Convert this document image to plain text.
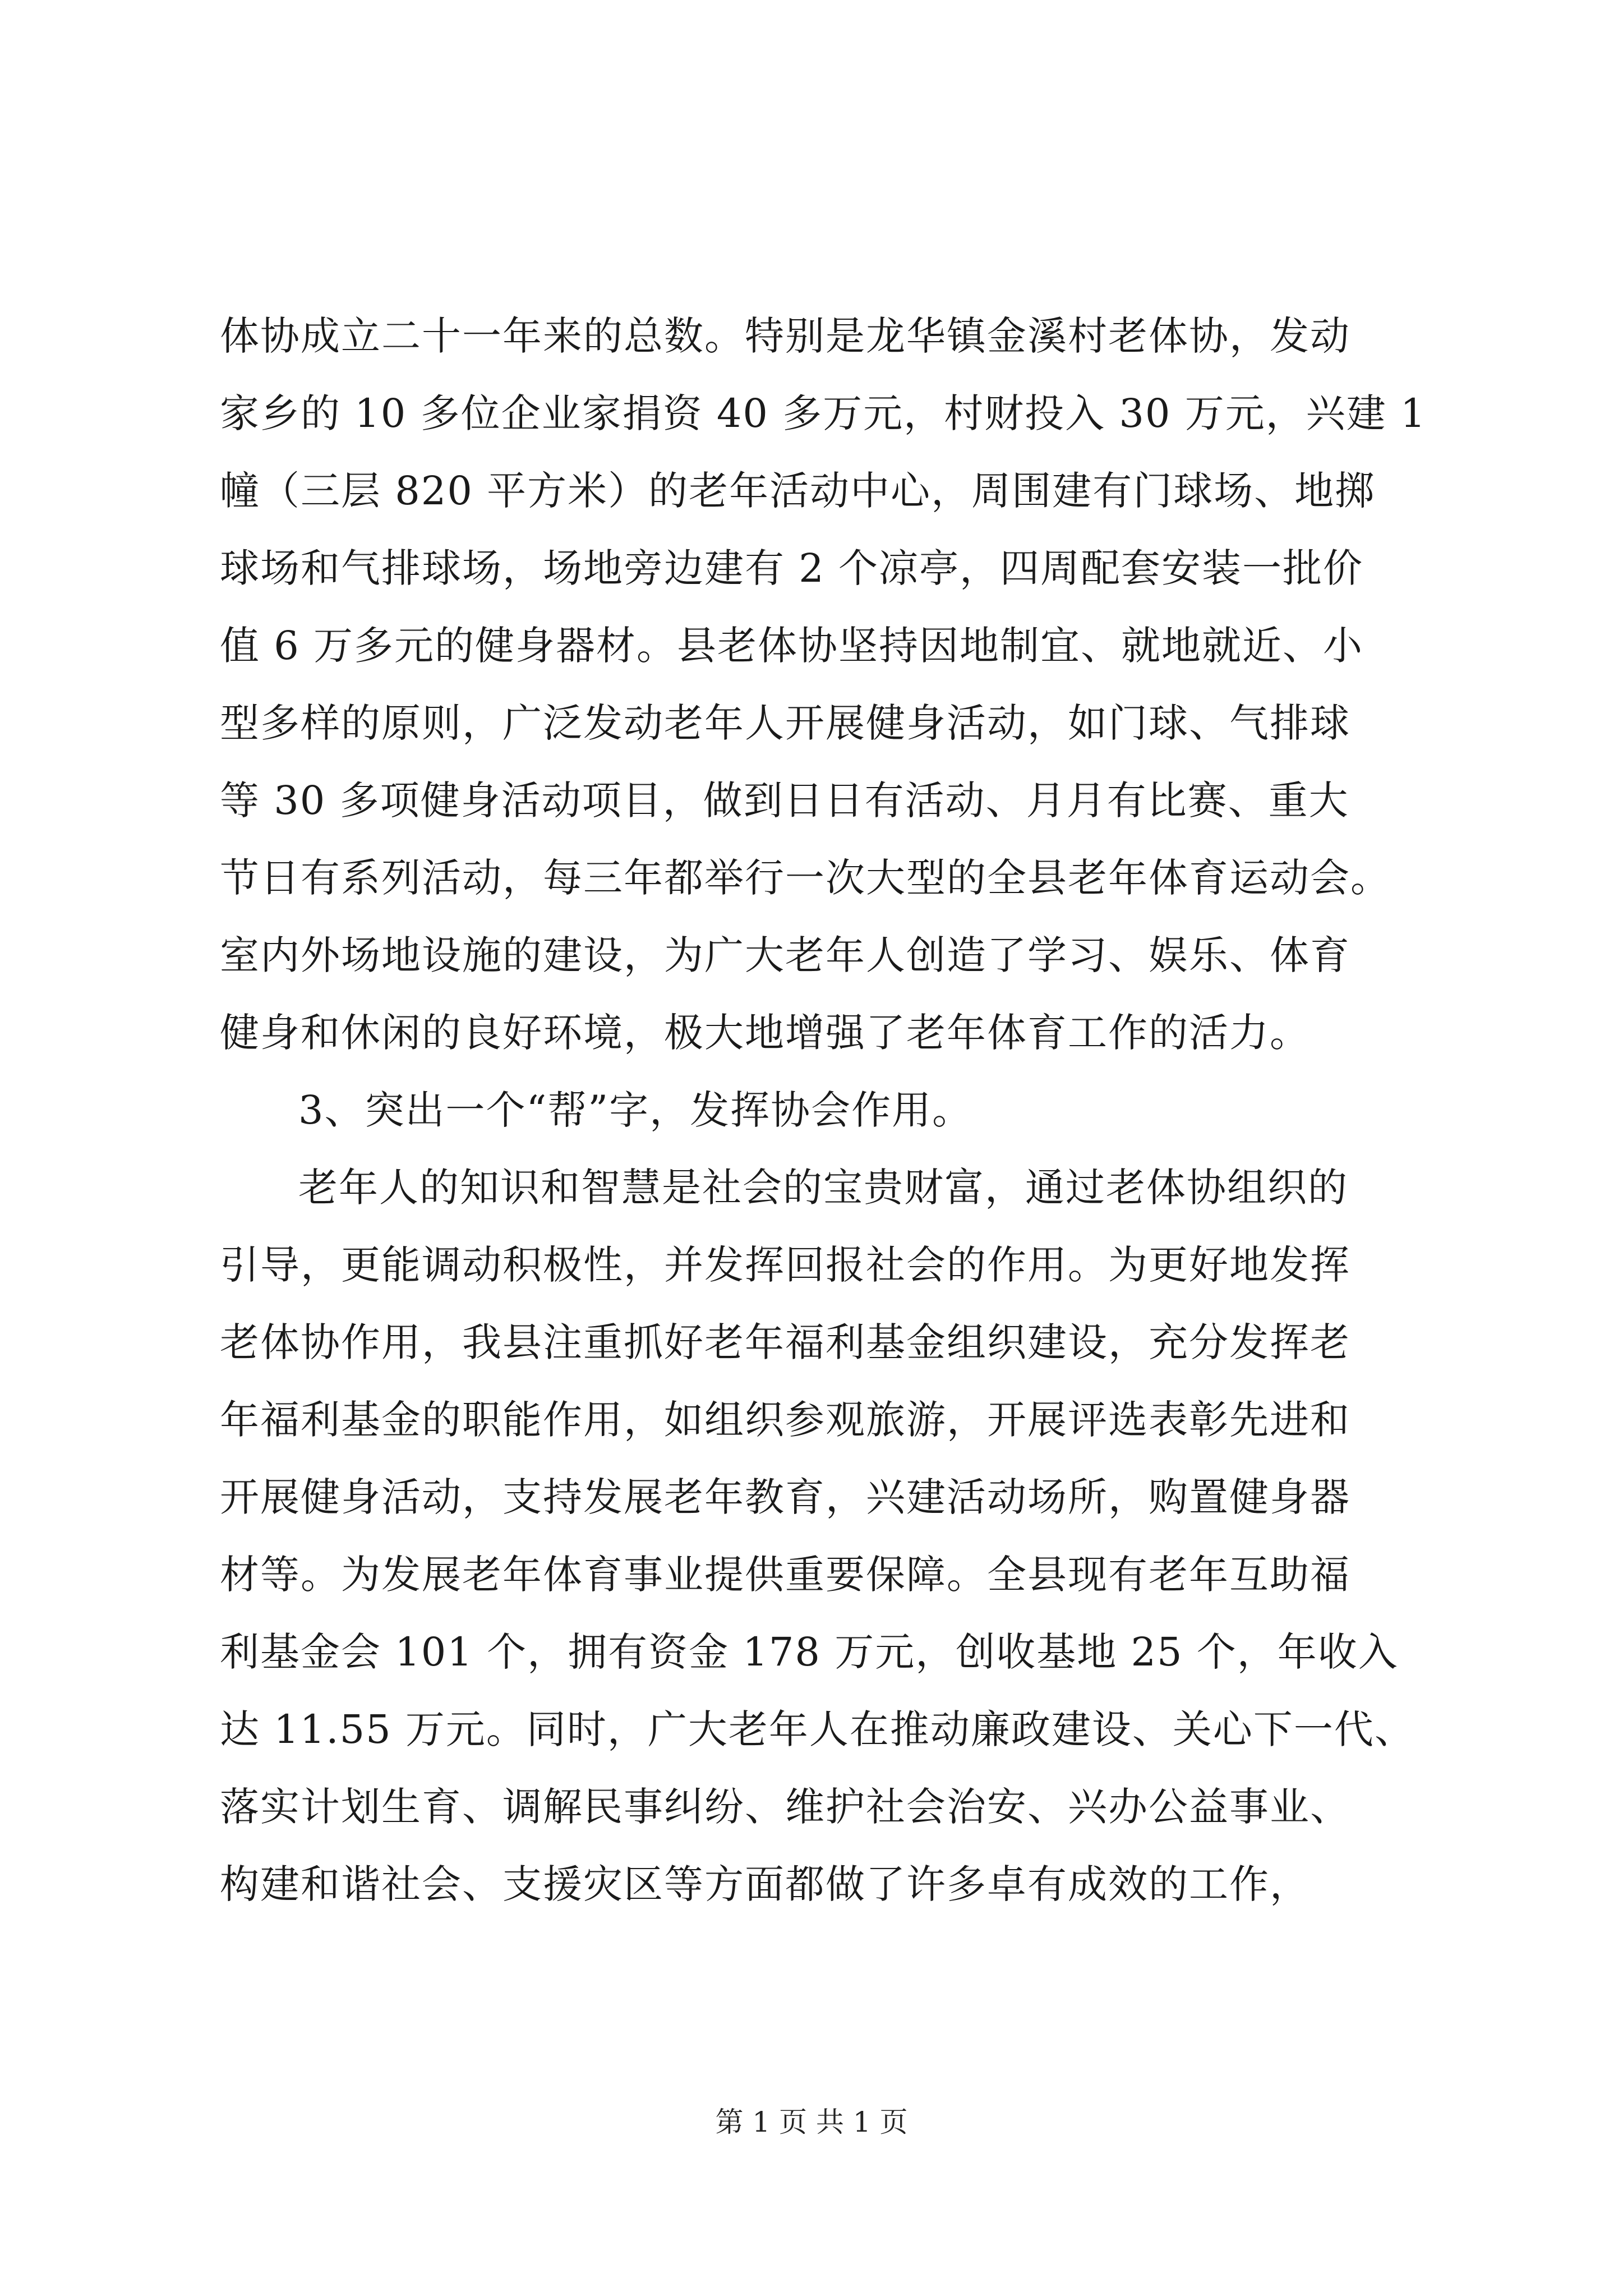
体协成立二十一年来的总数。特别是龙华镇金溪村老体协，发动
家乡的 10 多位企业家捐资 40 多万元，村财投入 30 万元，兴建 1
幢（三层 820 平方米）的老年活动中心，周围建有门球场、地掷
球场和气排球场，场地旁边建有 2 个凉亭，四周配套安装一批价
值 6 万多元的健身器材。县老体协坚持因地制宜、就地就近、小
型多样的原则，广泛发动老年人开展健身活动，如门球、气排球
等 30 多项健身活动项目，做到日日有活动、月月有比赛、重大
节日有系列活动，每三年都举行一次大型的全县老年体育运动会。
室内外场地设施的建设，为广大老年人创造了学习、娱乐、体育
健身和休闲的良好环境，极大地增强了老年体育工作的活力。
3、突出一个“帮”字，发挥协会作用。
老年人的知识和智慧是社会的宝贵财富，通过老体协组织的
引导，更能调动积极性，并发挥回报社会的作用。为更好地发挥
老体协作用，我县注重抓好老年福利基金组织建设，充分发挥老
年福利基金的职能作用，如组织参观旅游，开展评选表彰先进和
开展健身活动，支持发展老年教育，兴建活动场所，购置健身器
材等。为发展老年体育事业提供重要保障。全县现有老年互助福
利基金会 101 个，拥有资金 178 万元，创收基地 25 个，年收入
达 11.55 万元。同时，广大老年人在推动廉政建设、关心下一代、
落实计划生育、调解民事纠纷、维护社会治安、兴办公益事业、
构建和谐社会、支援灾区等方面都做了许多卓有成效的工作，
第 1 页 共 1 页
